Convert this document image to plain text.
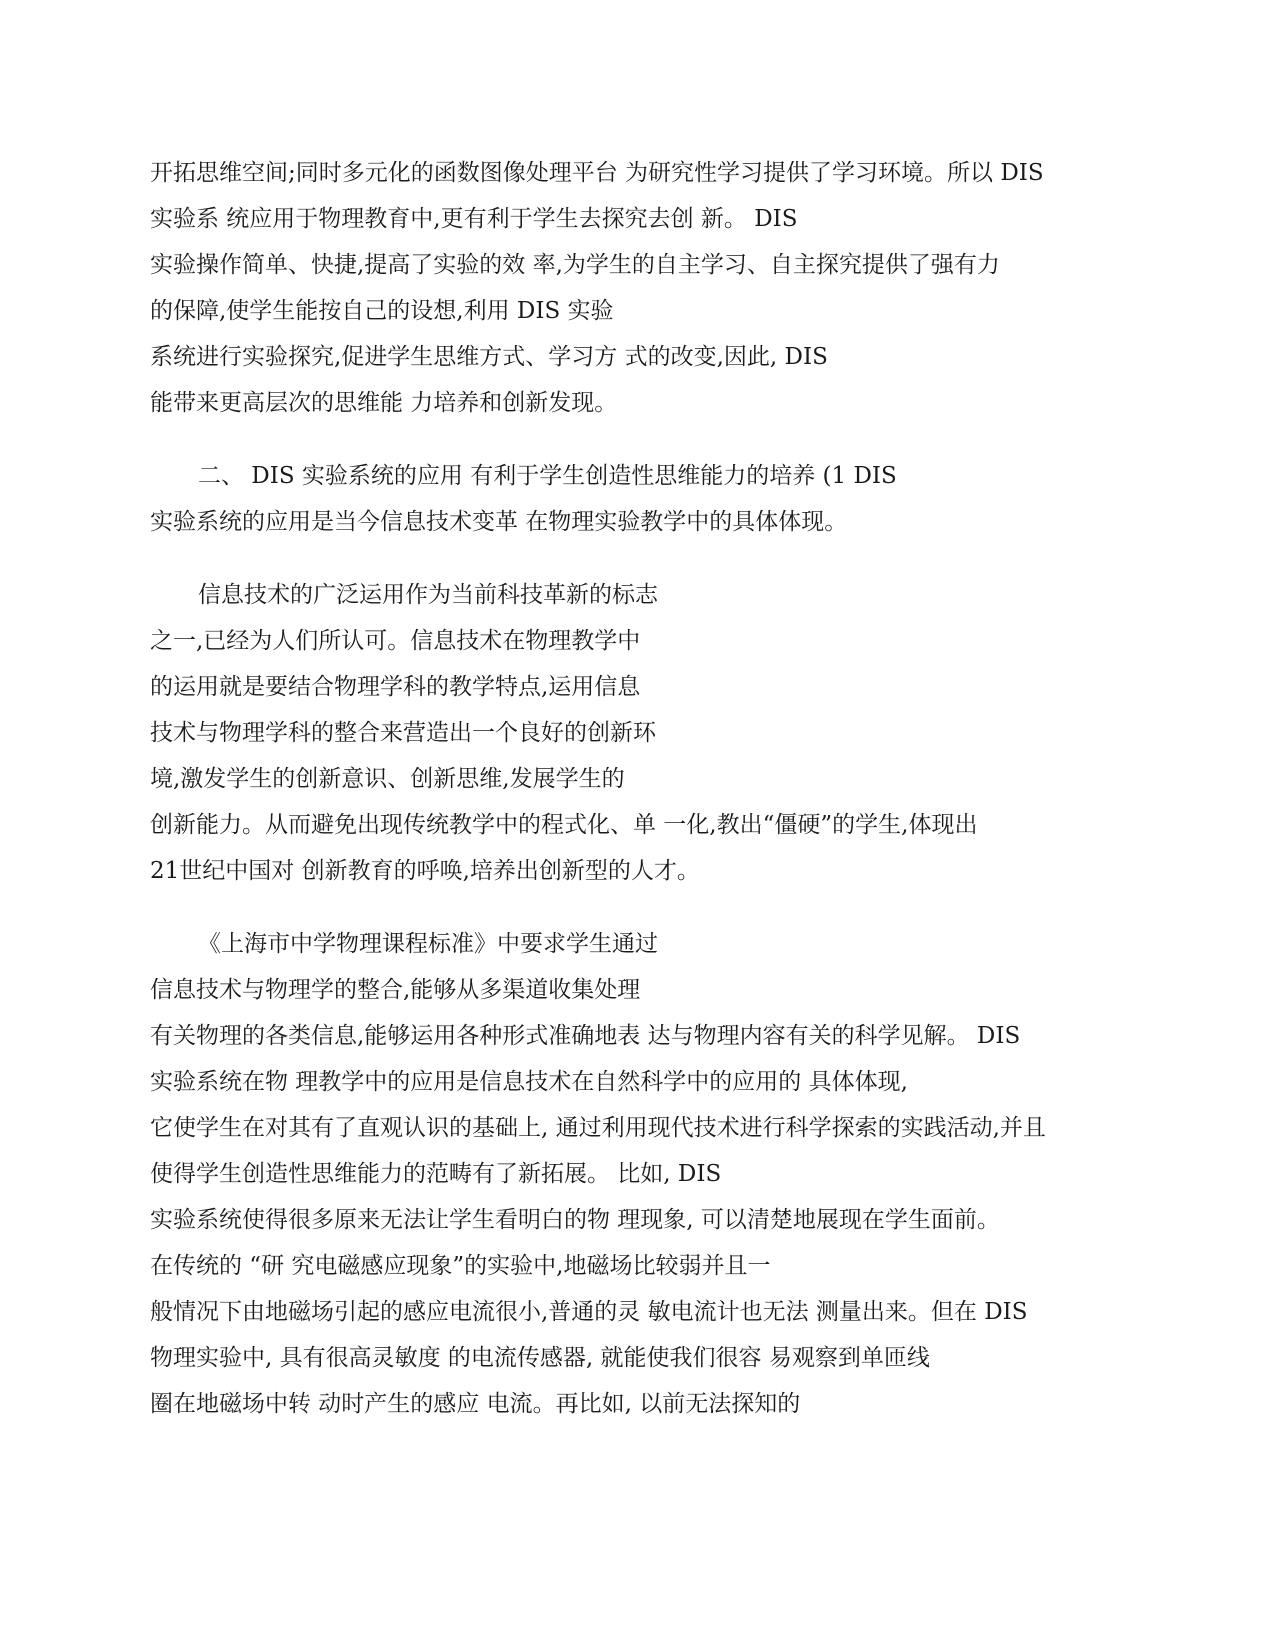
开拓思维空间;同时多元化的函数图像处理平台 为研究性学习提供了学习环境。所以 DIS
实验系 统应用于物理教育中,更有利于学生去探究去创 新。 DIS
实验操作简单、快捷,提高了实验的效 率,为学生的自主学习、自主探究提供了强有力
的保障,使学生能按自己的设想,利用 DIS 实验
系统进行实验探究,促进学生思维方式、学习方 式的改变,因此, DIS
能带来更高层次的思维能 力培养和创新发现。
二、 DIS 实验系统的应用 有利于学生创造性思维能力的培养 (1 DIS
实验系统的应用是当今信息技术变革 在物理实验教学中的具体体现。
信息技术的广泛运用作为当前科技革新的标志
之一,已经为人们所认可。信息技术在物理教学中
的运用就是要结合物理学科的教学特点,运用信息
技术与物理学科的整合来营造出一个良好的创新环
境,激发学生的创新意识、创新思维,发展学生的
创新能力。从而避免出现传统教学中的程式化、单 一化,教出“僵硬”的学生,体现出
21世纪中国对 创新教育的呼唤,培养出创新型的人才。
《上海市中学物理课程标准》中要求学生通过
信息技术与物理学的整合,能够从多渠道收集处理
有关物理的各类信息,能够运用各种形式准确地表 达与物理内容有关的科学见解。 DIS
实验系统在物 理教学中的应用是信息技术在自然科学中的应用的 具体体现,
它使学生在对其有了直观认识的基础上, 通过利用现代技术进行科学探索的实践活动,并且
使得学生创造性思维能力的范畴有了新拓展。 比如, DIS
实验系统使得很多原来无法让学生看明白的物 理现象, 可以清楚地展现在学生面前。
在传统的 “研 究电磁感应现象”的实验中,地磁场比较弱并且一
般情况下由地磁场引起的感应电流很小,普通的灵 敏电流计也无法 测量出来。但在 DIS
物理实验中, 具有很高灵敏度 的电流传感器, 就能使我们很容 易观察到单匝线
圈在地磁场中转 动时产生的感应 电流。再比如, 以前无法探知的
